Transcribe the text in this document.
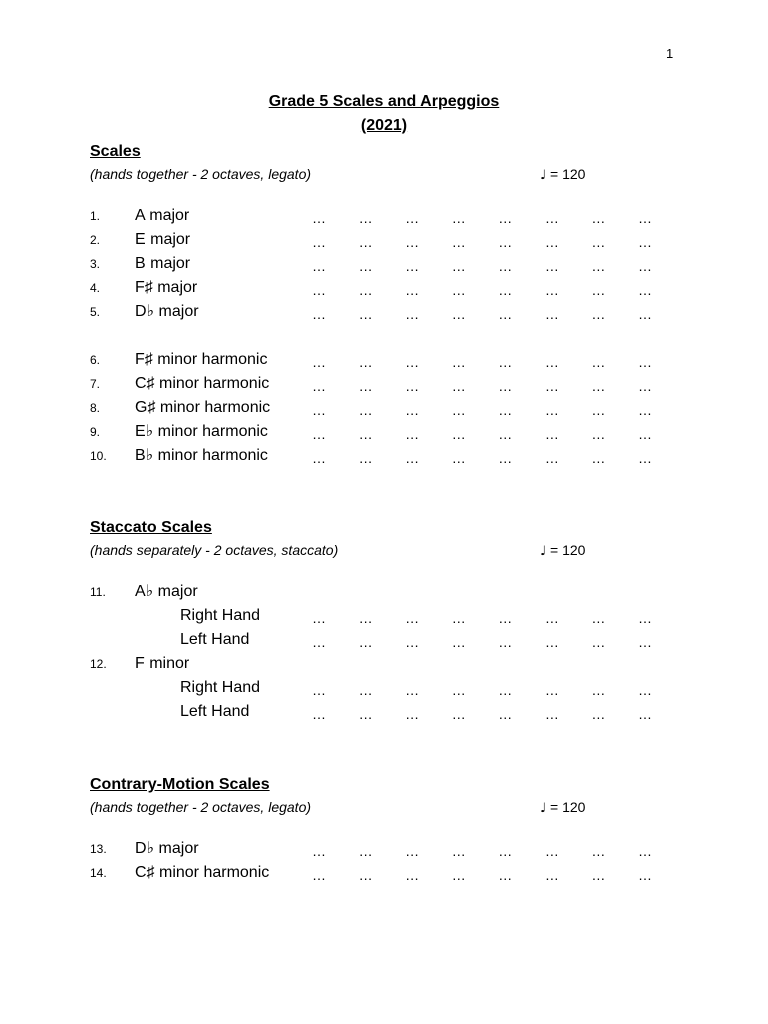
1
Grade 5 Scales and Arpeggios
(2021)
Scales
(hands together - 2 octaves, legato)	♩ = 120
1. A major	… … … … … … … …
2. E major	… … … … … … … …
3. B major	… … … … … … … …
4. F♯ major	… … … … … … … …
5. D♭ major	… … … … … … … …
6. F♯ minor harmonic	… … … … … … … …
7. C♯ minor harmonic	… … … … … … … …
8. G♯ minor harmonic	… … … … … … … …
9. E♭ minor harmonic	… … … … … … … …
10. B♭ minor harmonic	… … … … … … … …
Staccato Scales
(hands separately - 2 octaves, staccato)	♩ = 120
11. A♭ major
Right Hand	… … … … … … … …
Left Hand	… … … … … … … …
12. F minor
Right Hand	… … … … … … … …
Left Hand	… … … … … … … …
Contrary-Motion Scales
(hands together - 2 octaves, legato)	♩ = 120
13. D♭ major	… … … … … … … …
14. C♯ minor harmonic	… … … … … … … …
